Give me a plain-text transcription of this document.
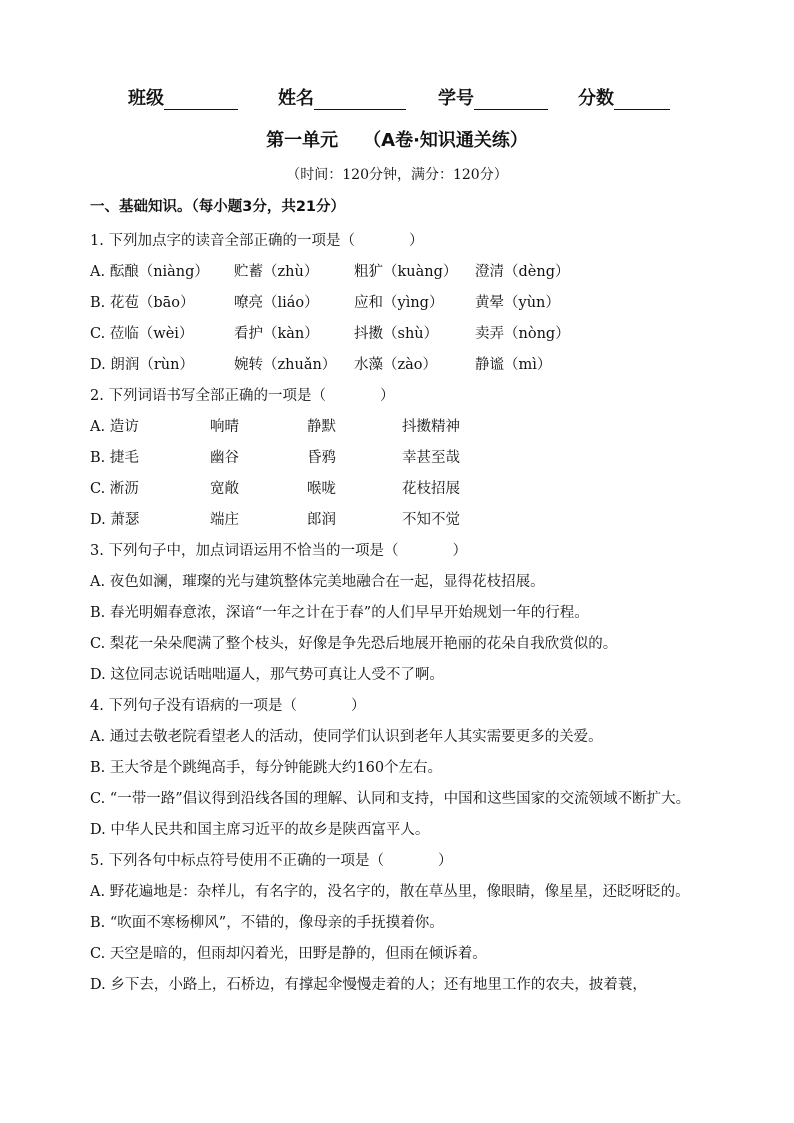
班级	姓名	学号	分数
第一单元    （A卷·知识通关练）
（时间：120分钟，满分：120分）
一、基础知识。（每小题3分，共21分）
1. 下列加点字的读音全部正确的一项是（	）
A. 酝酿（niàng） 贮蓄（zhù） 粗犷（kuàng） 澄清（dèng）
B. 花苞（bāo）	嘹亮（liáo） 应和（yìng） 黄晕（yùn）
C. 莅临（wèi）	看护（kàn） 抖擞（shù）	卖弄（nòng）
D. 朗润（rùn）	婉转（zhuǎn） 水藻（zào）	静谧（mì）
2. 下列词语书写全部正确的一项是（	）
A. 造访	响晴	静默	抖擞精神
B. 捷毛	幽谷	昏鸦	幸甚至哉
C. 淅沥	宽敞	喉咙	花枝招展
D. 萧瑟	端庄	郎润	不知不觉
3. 下列句子中，加点词语运用不恰当的一项是（	）
A. 夜色如澜，璀璨的光与建筑整体完美地融合在一起，显得花枝招展。
B. 春光明媚春意浓，深谙“一年之计在于春”的人们早早开始规划一年的行程。
C. 梨花一朵朵爬满了整个枝头，好像是争先恐后地展开艳丽的花朵自我欣赏似的。
D. 这位同志说话咄咄逼人，那气势可真让人受不了啊。
4. 下列句子没有语病的一项是（	）
A. 通过去敬老院看望老人的活动，使同学们认识到老年人其实需要更多的关爱。
B. 王大爷是个跳绳高手，每分钟能跳大约160个左右。
C. “一带一路”倡议得到沿线各国的理解、认同和支持，中国和这些国家的交流领域不断扩大。
D. 中华人民共和国主席习近平的故乡是陕西富平人。
5. 下列各句中标点符号使用不正确的一项是（	）
A. 野花遍地是：杂样儿，有名字的，没名字的，散在草丛里，像眼睛，像星星，还眨呀眨的。
B. “吹面不寒杨柳风”，不错的，像母亲的手抚摸着你。
C. 天空是暗的，但雨却闪着光，田野是静的，但雨在倾诉着。
D. 乡下去，小路上，石桥边，有撑起伞慢慢走着的人；还有地里工作的农夫，披着蓑，
